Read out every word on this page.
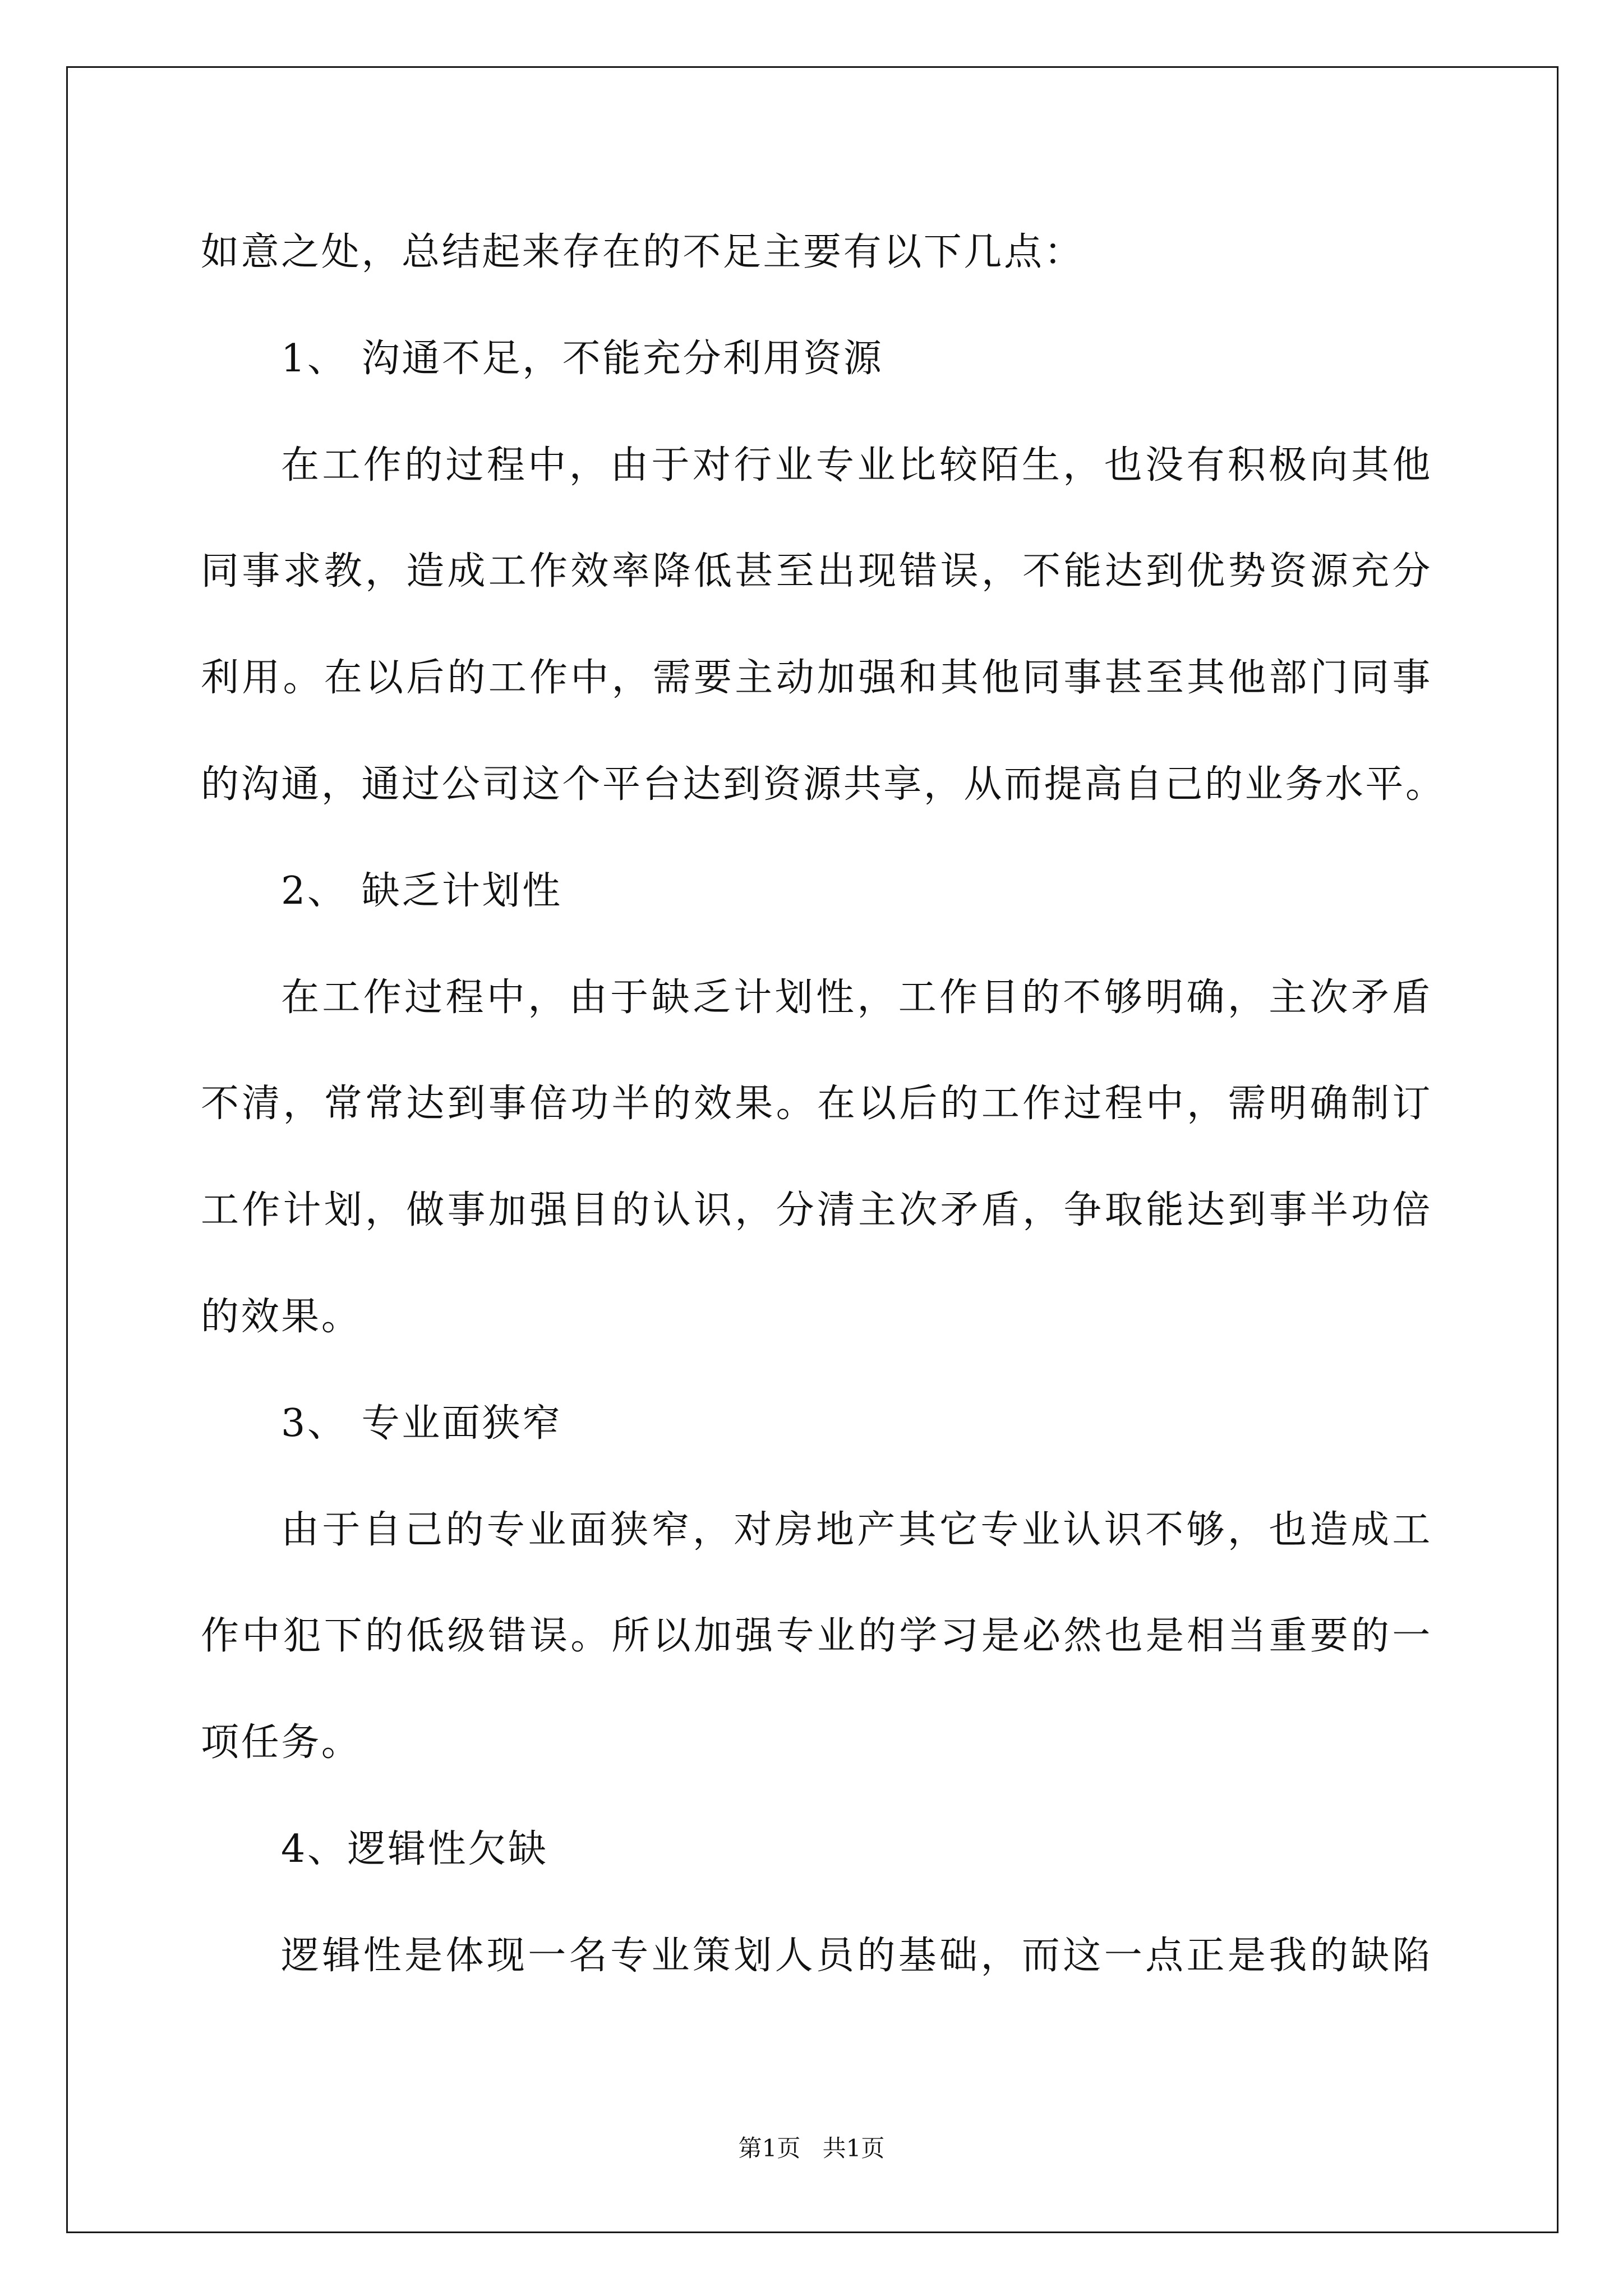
如意之处，总结起来存在的不足主要有以下几点：
1、 沟通不足，不能充分利用资源
在工作的过程中，由于对行业专业比较陌生，也没有积极向其他
同事求教，造成工作效率降低甚至出现错误，不能达到优势资源充分
利用。在以后的工作中，需要主动加强和其他同事甚至其他部门同事
的沟通，通过公司这个平台达到资源共享，从而提高自己的业务水平。
2、 缺乏计划性
在工作过程中，由于缺乏计划性，工作目的不够明确，主次矛盾
不清，常常达到事倍功半的效果。在以后的工作过程中，需明确制订
工作计划，做事加强目的认识，分清主次矛盾，争取能达到事半功倍
的效果。
3、 专业面狭窄
由于自己的专业面狭窄，对房地产其它专业认识不够，也造成工
作中犯下的低级错误。所以加强专业的学习是必然也是相当重要的一
项任务。
4、逻辑性欠缺
逻辑性是体现一名专业策划人员的基础，而这一点正是我的缺陷
第1页 共1页
